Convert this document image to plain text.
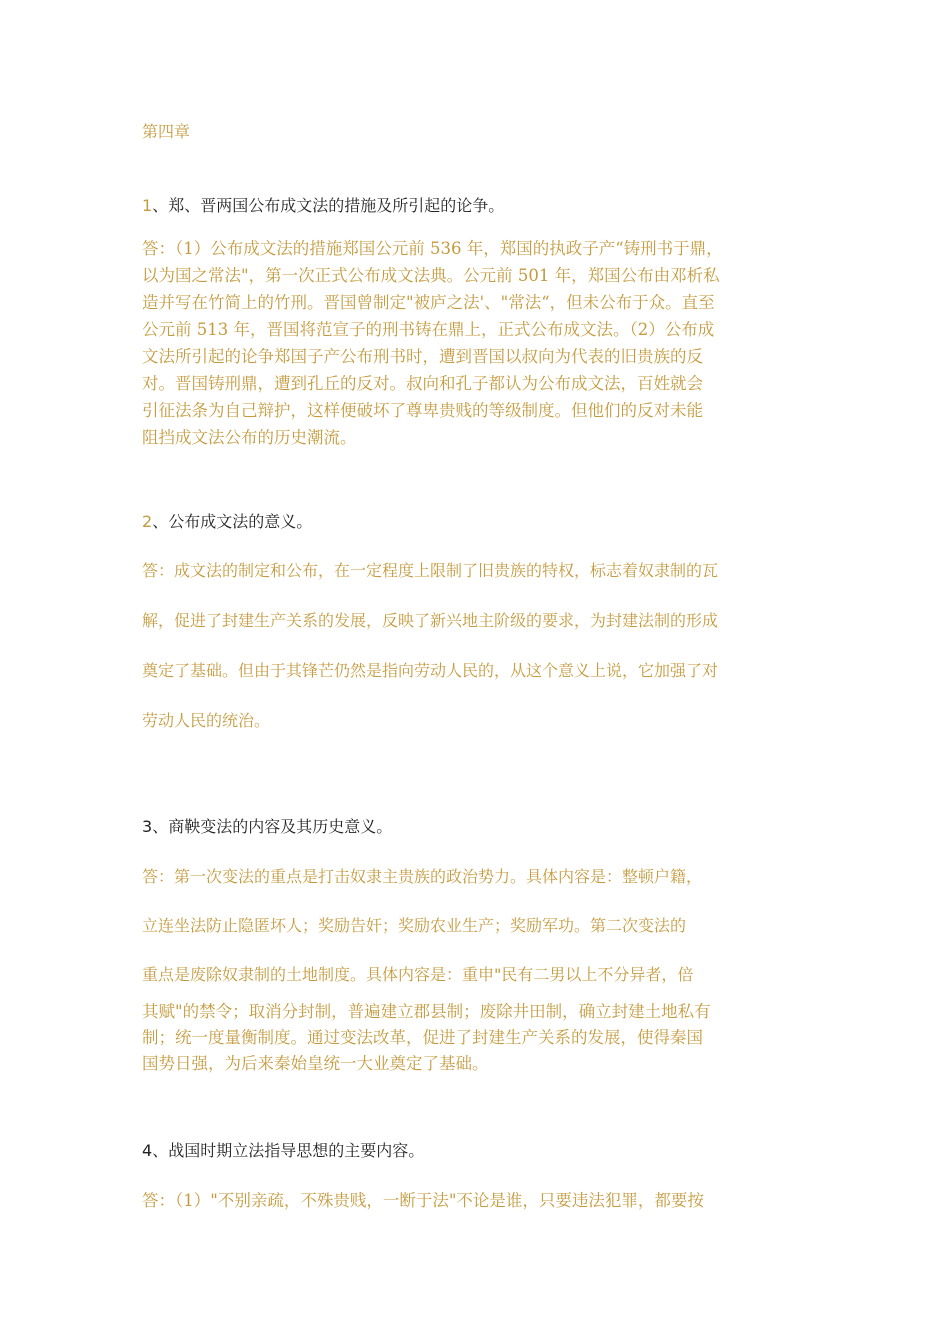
第四章

1、郑、晋两国公布成文法的措施及所引起的论争。

答：（1）公布成文法的措施郑国公元前 536 年，郑国的执政子产“铸刑书于鼎，
以为国之常法"，第一次正式公布成文法典。公元前 501 年，郑国公布由邓析私
造并写在竹简上的竹刑。晋国曾制定"被庐之法'、"常法“，但未公布于众。直至
公元前 513 年，晋国将范宣子的刑书铸在鼎上，正式公布成文法。（2）公布成
文法所引起的论争郑国子产公布刑书时，遭到晋国以叔向为代表的旧贵族的反
对。晋国铸刑鼎，遭到孔丘的反对。叔向和孔子都认为公布成文法，百姓就会
引征法条为自己辩护，这样便破坏了尊卑贵贱的等级制度。但他们的反对未能
阻挡成文法公布的历史潮流。

2、公布成文法的意义。

答：成文法的制定和公布，在一定程度上限制了旧贵族的特权，标志着奴隶制的瓦

解，促进了封建生产关系的发展，反映了新兴地主阶级的要求，为封建法制的形成

奠定了基础。但由于其锋芒仍然是指向劳动人民的，从这个意义上说，它加强了对

劳动人民的统治。

3、商鞅变法的内容及其历史意义。

答：第一次变法的重点是打击奴隶主贵族的政治势力。具体内容是：整顿户籍，

立连坐法防止隐匿坏人；奖励告奸；奖励农业生产；奖励军功。第二次变法的

重点是废除奴隶制的土地制度。具体内容是：重申"民有二男以上不分异者，倍

其赋"的禁令；取消分封制，普遍建立郡县制；废除井田制，确立封建土地私有
制；统一度量衡制度。通过变法改革，促进了封建生产关系的发展，使得秦国
国势日强，为后来秦始皇统一大业奠定了基础。

4、战国时期立法指导思想的主要内容。

答：（1）"不别亲疏，不殊贵贱，一断于法"不论是谁，只要违法犯罪，都要按
